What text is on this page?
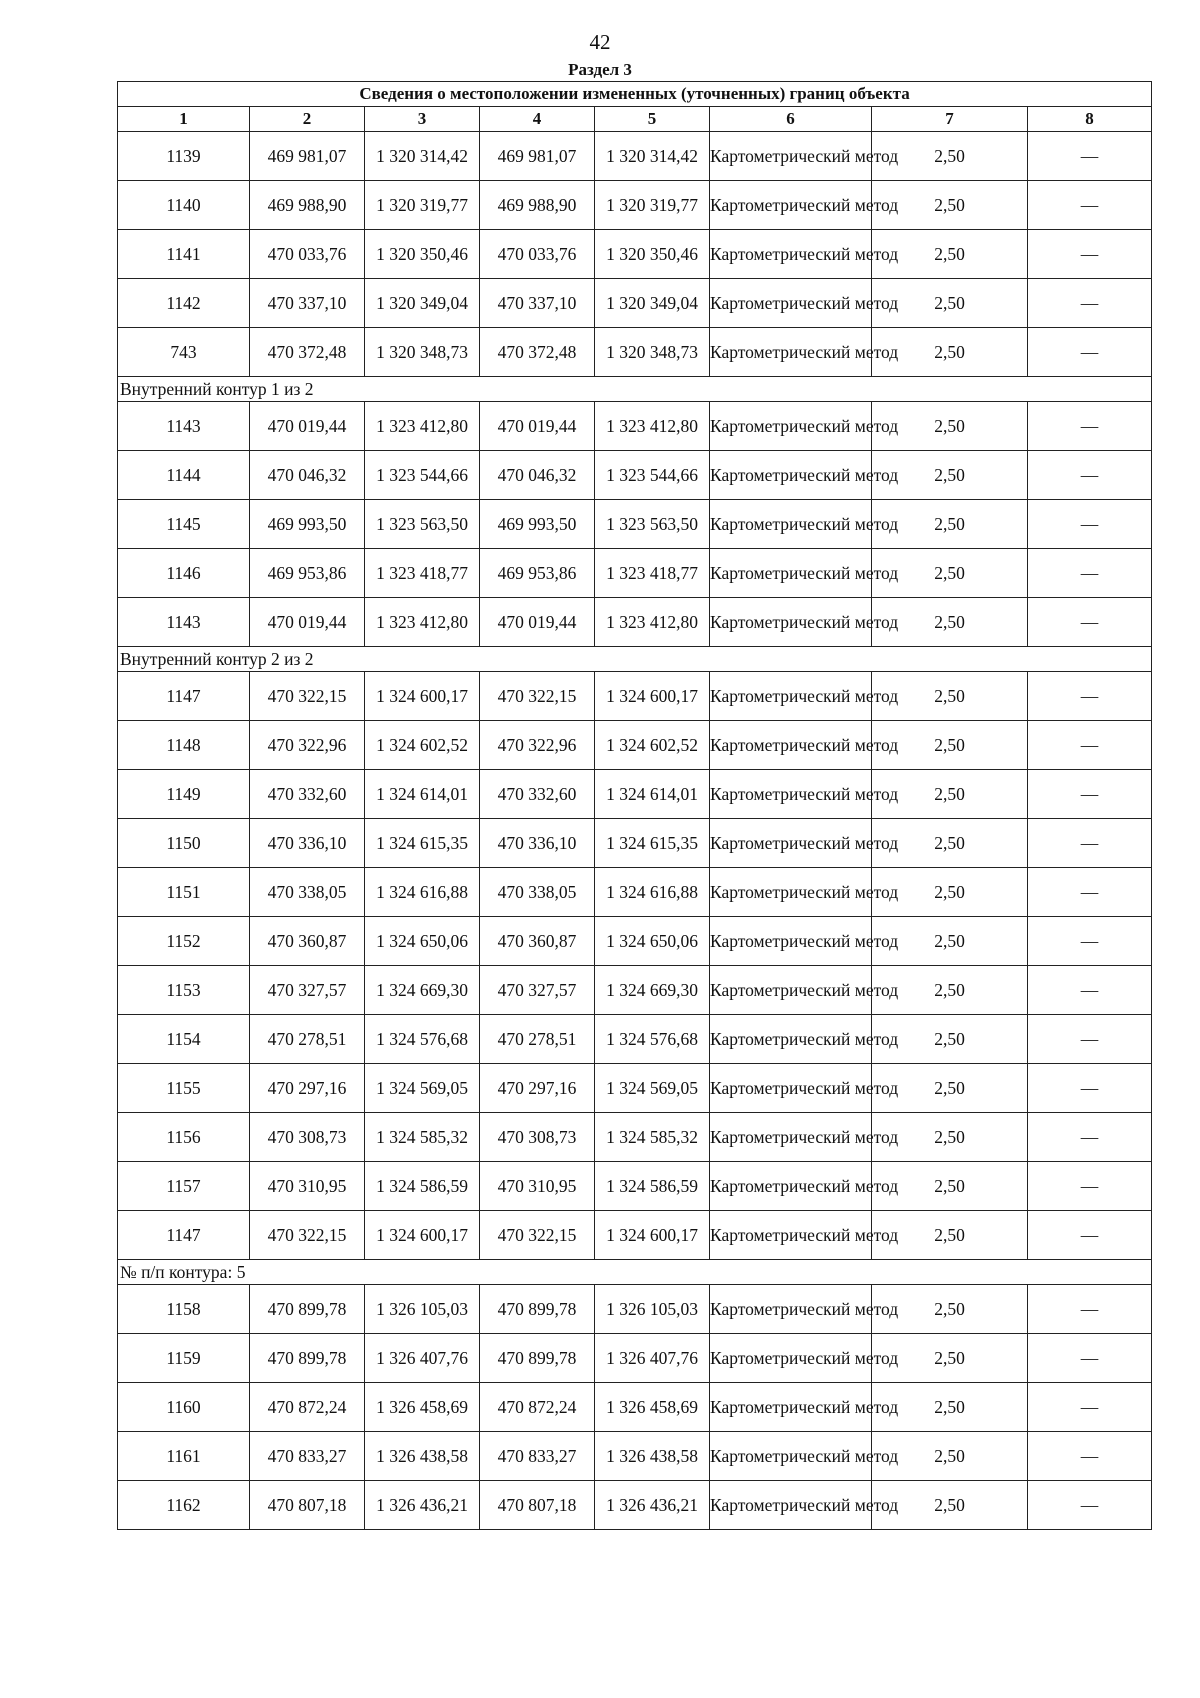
42
Раздел 3
Сведения о местоположении измененных (уточненных) границ объекта							
1	2	3	4	5	6	7	8
1139	469 981,07	1 320 314,42	469 981,07	1 320 314,42	Картометрический метод	2,50	—
1140	469 988,90	1 320 319,77	469 988,90	1 320 319,77	Картометрический метод	2,50	—
1141	470 033,76	1 320 350,46	470 033,76	1 320 350,46	Картометрический метод	2,50	—
1142	470 337,10	1 320 349,04	470 337,10	1 320 349,04	Картометрический метод	2,50	—
743	470 372,48	1 320 348,73	470 372,48	1 320 348,73	Картометрический метод	2,50	—
Внутренний контур 1 из 2							
1143	470 019,44	1 323 412,80	470 019,44	1 323 412,80	Картометрический метод	2,50	—
1144	470 046,32	1 323 544,66	470 046,32	1 323 544,66	Картометрический метод	2,50	—
1145	469 993,50	1 323 563,50	469 993,50	1 323 563,50	Картометрический метод	2,50	—
1146	469 953,86	1 323 418,77	469 953,86	1 323 418,77	Картометрический метод	2,50	—
1143	470 019,44	1 323 412,80	470 019,44	1 323 412,80	Картометрический метод	2,50	—
Внутренний контур 2 из 2							
1147	470 322,15	1 324 600,17	470 322,15	1 324 600,17	Картометрический метод	2,50	—
1148	470 322,96	1 324 602,52	470 322,96	1 324 602,52	Картометрический метод	2,50	—
1149	470 332,60	1 324 614,01	470 332,60	1 324 614,01	Картометрический метод	2,50	—
1150	470 336,10	1 324 615,35	470 336,10	1 324 615,35	Картометрический метод	2,50	—
1151	470 338,05	1 324 616,88	470 338,05	1 324 616,88	Картометрический метод	2,50	—
1152	470 360,87	1 324 650,06	470 360,87	1 324 650,06	Картометрический метод	2,50	—
1153	470 327,57	1 324 669,30	470 327,57	1 324 669,30	Картометрический метод	2,50	—
1154	470 278,51	1 324 576,68	470 278,51	1 324 576,68	Картометрический метод	2,50	—
1155	470 297,16	1 324 569,05	470 297,16	1 324 569,05	Картометрический метод	2,50	—
1156	470 308,73	1 324 585,32	470 308,73	1 324 585,32	Картометрический метод	2,50	—
1157	470 310,95	1 324 586,59	470 310,95	1 324 586,59	Картометрический метод	2,50	—
1147	470 322,15	1 324 600,17	470 322,15	1 324 600,17	Картометрический метод	2,50	—
№ п/п контура: 5							
1158	470 899,78	1 326 105,03	470 899,78	1 326 105,03	Картометрический метод	2,50	—
1159	470 899,78	1 326 407,76	470 899,78	1 326 407,76	Картометрический метод	2,50	—
1160	470 872,24	1 326 458,69	470 872,24	1 326 458,69	Картометрический метод	2,50	—
1161	470 833,27	1 326 438,58	470 833,27	1 326 438,58	Картометрический метод	2,50	—
1162	470 807,18	1 326 436,21	470 807,18	1 326 436,21	Картометрический метод	2,50	—
